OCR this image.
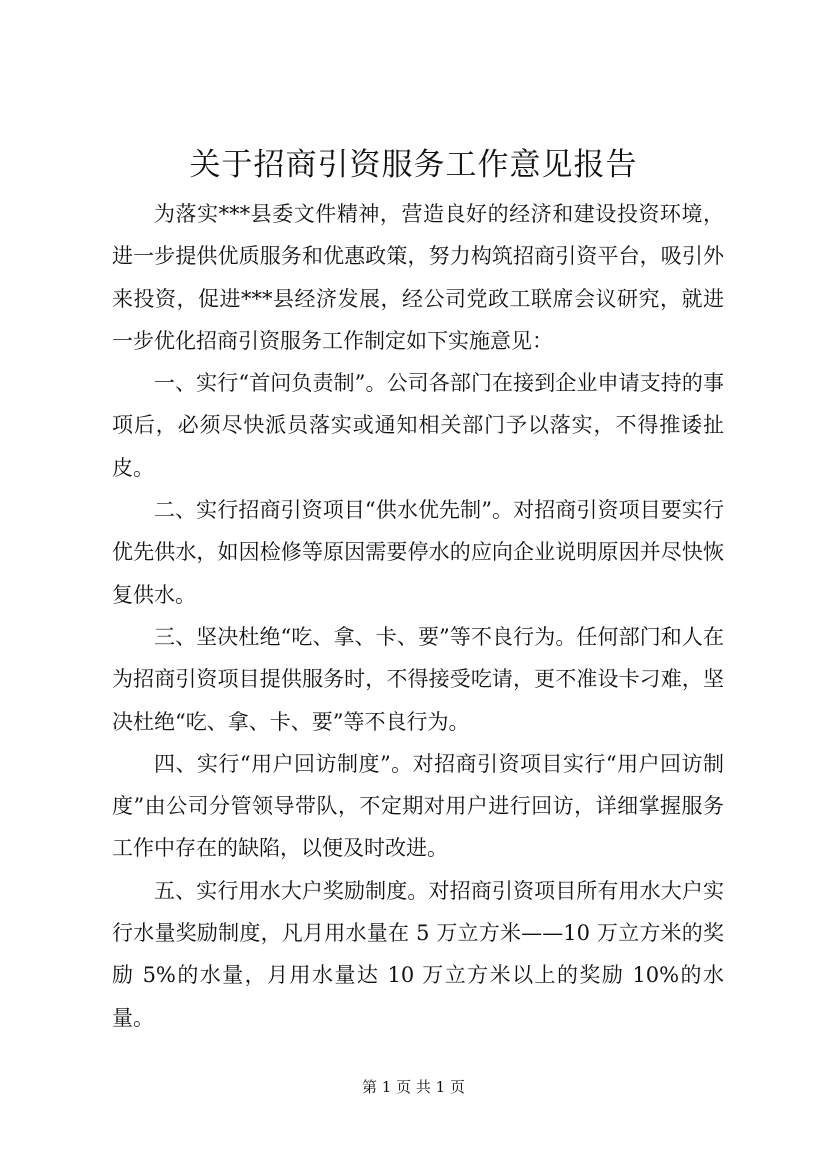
关于招商引资服务工作意见报告

为落实***县委文件精神，营造良好的经济和建设投资环境，进一步提供优质服务和优惠政策，努力构筑招商引资平台，吸引外来投资，促进***县经济发展，经公司党政工联席会议研究，就进一步优化招商引资服务工作制定如下实施意见：

一、实行“首问负责制”。公司各部门在接到企业申请支持的事项后，必须尽快派员落实或通知相关部门予以落实，不得推诿扯皮。

二、实行招商引资项目“供水优先制”。对招商引资项目要实行优先供水，如因检修等原因需要停水的应向企业说明原因并尽快恢复供水。

三、坚决杜绝“吃、拿、卡、要”等不良行为。任何部门和人在为招商引资项目提供服务时，不得接受吃请，更不准设卡刁难，坚决杜绝“吃、拿、卡、要”等不良行为。

四、实行“用户回访制度”。对招商引资项目实行“用户回访制度”由公司分管领导带队，不定期对用户进行回访，详细掌握服务工作中存在的缺陷，以便及时改进。

五、实行用水大户奖励制度。对招商引资项目所有用水大户实行水量奖励制度，凡月用水量在 5 万立方米——10 万立方米的奖励 5%的水量，月用水量达 10 万立方米以上的奖励 10%的水量。

第 1 页 共 1 页
